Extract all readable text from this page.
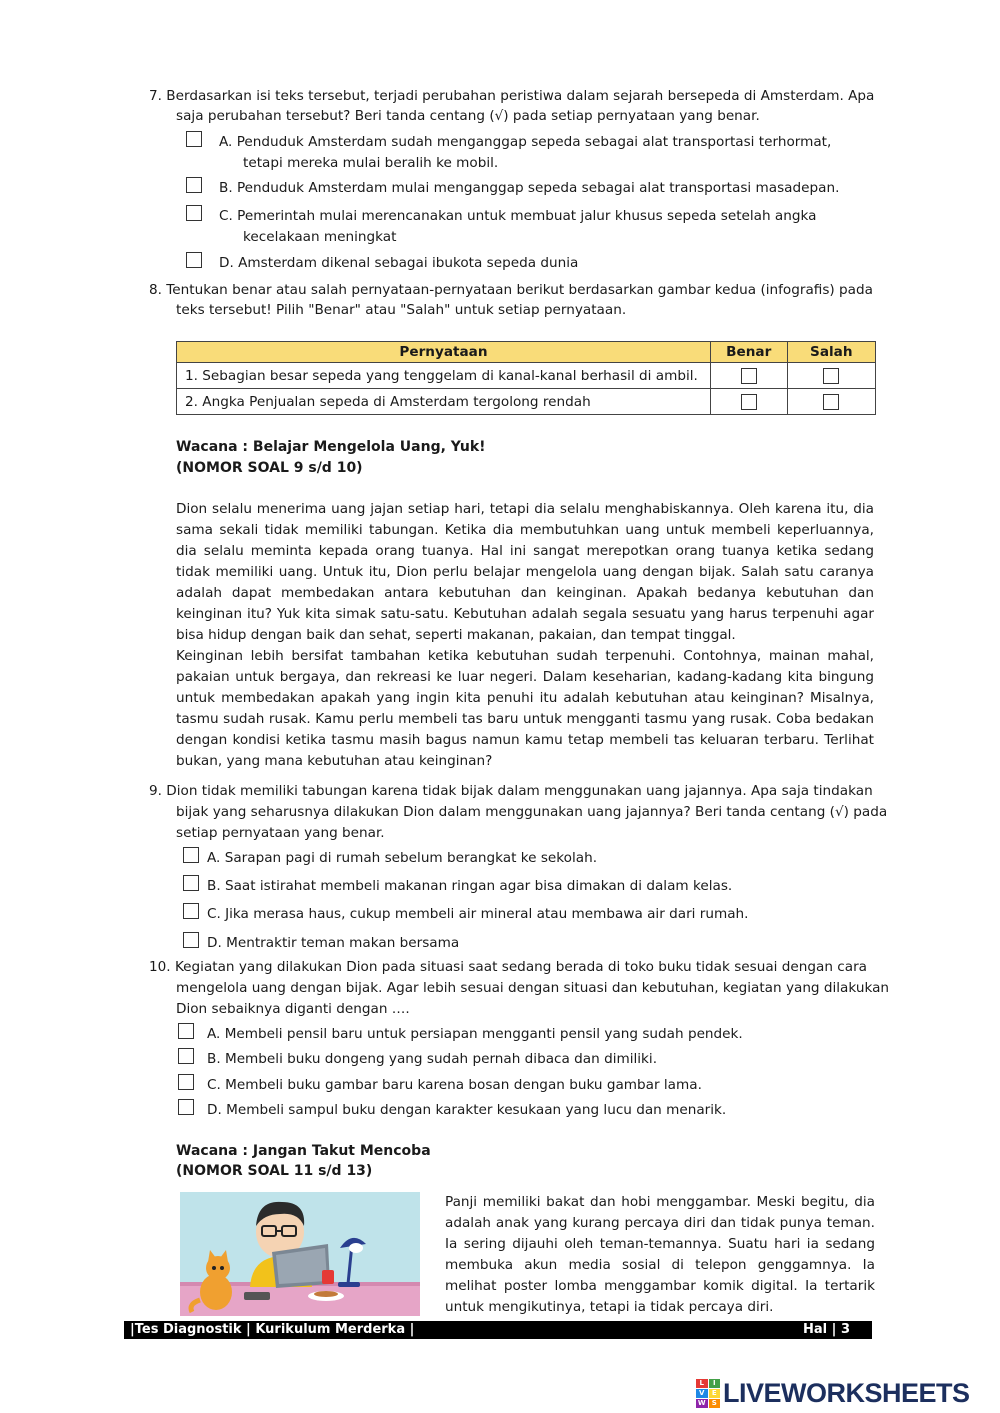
7. Berdasarkan isi teks tersebut, terjadi perubahan peristiwa dalam sejarah bersepeda di Amsterdam. Apa
saja perubahan tersebut? Beri tanda centang (√) pada setiap pernyataan yang benar.
A. Penduduk Amsterdam sudah menganggap sepeda sebagai alat transportasi terhormat,
tetapi mereka mulai beralih ke mobil.
B. Penduduk Amsterdam mulai menganggap sepeda sebagai alat transportasi masadepan.
C. Pemerintah mulai merencanakan untuk membuat jalur khusus sepeda setelah angka
kecelakaan meningkat
D. Amsterdam dikenal sebagai ibukota sepeda dunia
8. Tentukan benar atau salah pernyataan-pernyataan berikut berdasarkan gambar kedua (infografis) pada
teks tersebut! Pilih "Benar" atau "Salah" untuk setiap pernyataan.
Pernyataan	Benar	Salah
1. Sebagian besar sepeda yang tenggelam di kanal-kanal berhasil di ambil.		
2. Angka Penjualan sepeda di Amsterdam tergolong rendah		
Wacana : Belajar Mengelola Uang, Yuk!
(NOMOR SOAL 9 s/d 10)
Dion selalu menerima uang jajan setiap hari, tetapi dia selalu menghabiskannya. Oleh karena itu, dia sama sekali tidak memiliki tabungan. Ketika dia membutuhkan uang untuk membeli keperluannya, dia selalu meminta kepada orang tuanya. Hal ini sangat merepotkan orang tuanya ketika sedang tidak memiliki uang. Untuk itu, Dion perlu belajar mengelola uang dengan bijak. Salah satu caranya adalah dapat membedakan antara kebutuhan dan keinginan. Apakah bedanya kebutuhan dan keinginan itu? Yuk kita simak satu-satu. Kebutuhan adalah segala sesuatu yang harus terpenuhi agar bisa hidup dengan baik dan sehat, seperti makanan, pakaian, dan tempat tinggal.
Keinginan lebih bersifat tambahan ketika kebutuhan sudah terpenuhi. Contohnya, mainan mahal, pakaian untuk bergaya, dan rekreasi ke luar negeri. Dalam keseharian, kadang-kadang kita bingung untuk membedakan apakah yang ingin kita penuhi itu adalah kebutuhan atau keinginan? Misalnya, tasmu sudah rusak. Kamu perlu membeli tas baru untuk mengganti tasmu yang rusak. Coba bedakan dengan kondisi ketika tasmu masih bagus namun kamu tetap membeli tas keluaran terbaru. Terlihat bukan, yang mana kebutuhan atau keinginan?
9. Dion tidak memiliki tabungan karena tidak bijak dalam menggunakan uang jajannya. Apa saja tindakan
bijak yang seharusnya dilakukan Dion dalam menggunakan uang jajannya? Beri tanda centang (√) pada
setiap pernyataan yang benar.
A. Sarapan pagi di rumah sebelum berangkat ke sekolah.
B. Saat istirahat membeli makanan ringan agar bisa dimakan di dalam kelas.
C. Jika merasa haus, cukup membeli air mineral atau membawa air dari rumah.
D. Mentraktir teman makan bersama
10. Kegiatan yang dilakukan Dion pada situasi saat sedang berada di toko buku tidak sesuai dengan cara
mengelola uang dengan bijak. Agar lebih sesuai dengan situasi dan kebutuhan, kegiatan yang dilakukan
Dion sebaiknya diganti dengan ….
A. Membeli pensil baru untuk persiapan mengganti pensil yang sudah pendek.
B. Membeli buku dongeng yang sudah pernah dibaca dan dimiliki.
C. Membeli buku gambar baru karena bosan dengan buku gambar lama.
D. Membeli sampul buku dengan karakter kesukaan yang lucu dan menarik.
Wacana : Jangan Takut Mencoba
(NOMOR SOAL 11 s/d 13)
Panji memiliki bakat dan hobi menggambar. Meski begitu, dia adalah anak yang kurang percaya diri dan tidak punya teman. Ia sering dijauhi oleh teman-temannya. Suatu hari ia sedang membuka akun media sosial di telepon genggamnya. Ia melihat poster lomba menggambar komik digital. Ia tertarik untuk mengikutinya, tetapi ia tidak percaya diri.
|Tes Diagnostik | Kurikulum Merderka |	Hal | 3
L	I
V	E
W S LIVEWORKSHEETS
